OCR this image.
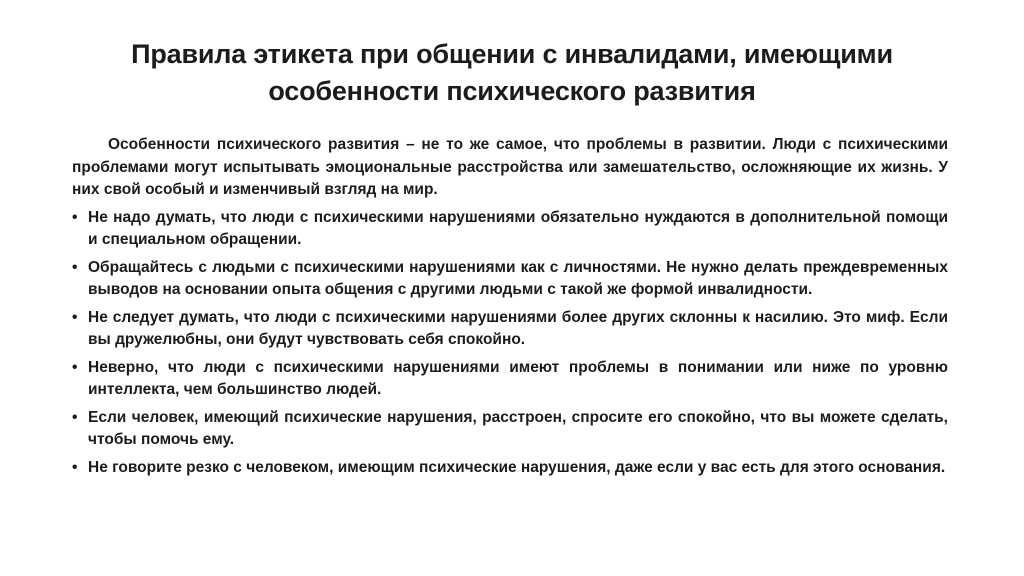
Правила этикета при общении с инвалидами, имеющими
особенности психического развития

Особенности психического развития – не то же самое, что проблемы в развитии. Люди с психическими проблемами могут испытывать эмоциональные расстройства или замешательство, осложняющие их жизнь. У них свой особый и изменчивый взгляд на мир.

• Не надо думать, что люди с психическими нарушениями обязательно нуждаются в дополнительной помощи и специальном обращении.
• Обращайтесь с людьми с психическими нарушениями как с личностями. Не нужно делать преждевременных выводов на основании опыта общения с другими людьми с такой же формой инвалидности.
• Не следует думать, что люди с психическими нарушениями более других склонны к насилию. Это миф. Если вы дружелюбны, они будут чувствовать себя спокойно.
• Неверно, что люди с психическими нарушениями имеют проблемы в понимании или ниже по уровню интеллекта, чем большинство людей.
• Если человек, имеющий психические нарушения, расстроен, спросите его спокойно, что вы можете сделать, чтобы помочь ему.
• Не говорите резко с человеком, имеющим психические нарушения, даже если у вас есть для этого основания.
